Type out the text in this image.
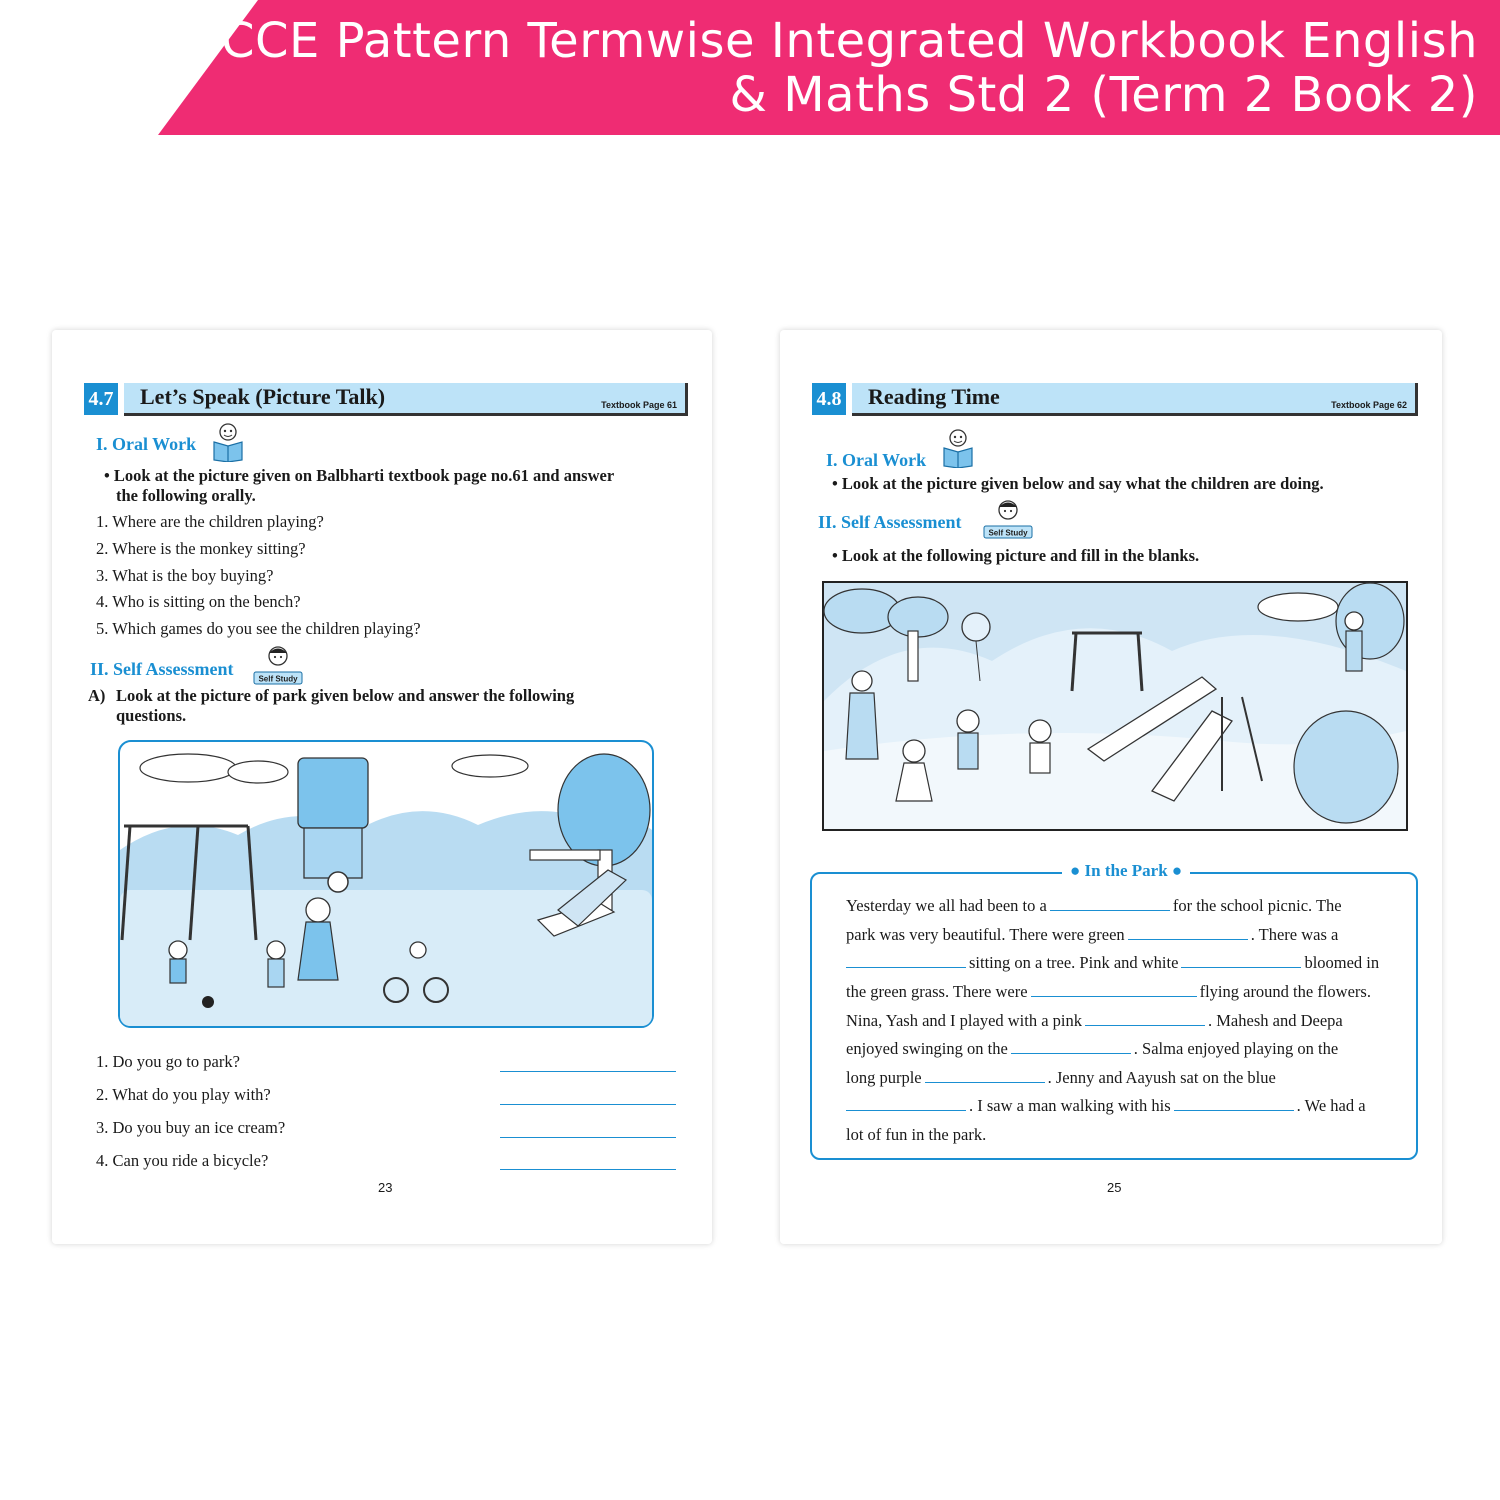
CCE Pattern Termwise Integrated Workbook English
& Maths Std 2 (Term 2 Book 2)
4.7 Let’s Speak (Picture Talk)	Textbook Page 61
I. Oral Work
• Look at the picture given on Balbharti textbook page no.61 and answer
the following orally.
1. Where are the children playing?
2. Where is the monkey sitting?
3. What is the boy buying?
4. Who is sitting on the bench?
5. Which games do you see the children playing?
II. Self Assessment	Self Study
A) Look at the picture of park given below and answer the following
questions.
1. Do you go to park?
2. What do you play with?
3. Do you buy an ice cream?
4. Can you ride a bicycle?
23
4.8 Reading Time	Textbook Page 62
I. Oral Work
• Look at the picture given below and say what the children are doing.
II. Self Assessment
Self Study
• Look at the following picture and fill in the blanks.
● In the Park ●
Yesterday we all had been to a	for the school picnic. The
park was very beautiful. There were green	. There was a
sitting on a tree. Pink and white	bloomed in
the green grass. There were	flying around the flowers.
Nina, Yash and I played with a pink	. Mahesh and Deepa
enjoyed swinging on the	. Salma enjoyed playing on the
long purple	. Jenny and Aayush sat on the blue
. I saw a man walking with his	. We had a
lot of fun in the park.
25
